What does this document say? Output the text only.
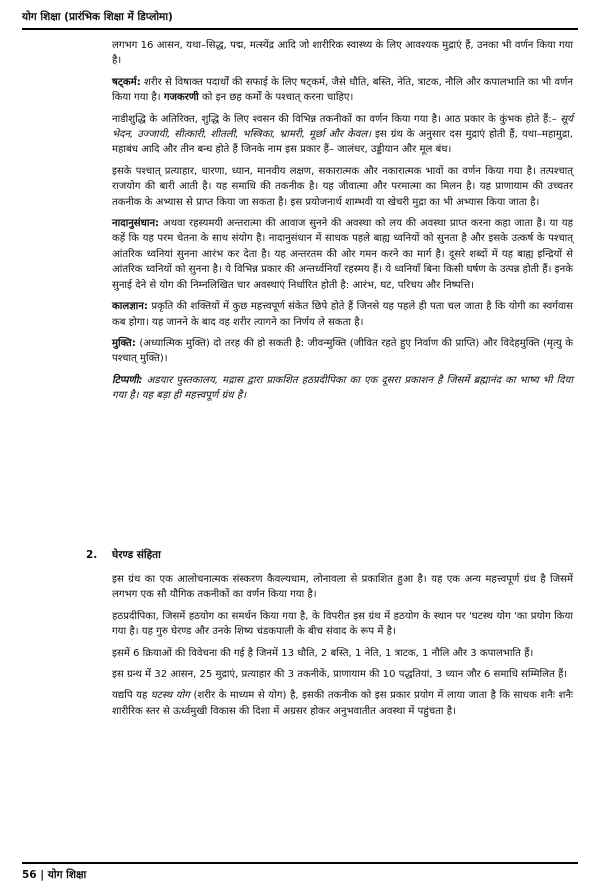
योग शिक्षा (प्रारंभिक शिक्षा में डिप्लोमा)

लगभग 16 आसन, यथा–सिद्ध, पद्म, मत्स्येंद्र आदि जो शारीरिक स्वास्थ्य के लिए आवश्यक मुद्राएं हैं, उनका भी वर्णन किया गया है।

षट्कर्म: शरीर से विषाक्त पदार्थों की सफाई के लिए षट्कर्म, जैसे धौति, बस्ति, नेति, त्राटक, नौलि और कपालभाति का भी वर्णन किया गया है। गजकरणी को इन छह कर्मों के पश्चात् करना चाहिए।

नाडीशुद्धि के अतिरिक्त, शुद्धि के लिए श्वसन की विभिन्न तकनीकों का वर्णन किया गया है। आठ प्रकार के कुंभक होते हैं:– सूर्य भेदन, उज्जायी, सीत्कारी, शीतली, भस्त्रिका, भ्रामरी, मूर्छा और केवल। इस ग्रंथ के अनुसार दस मुद्राएं होती हैं, यथा–महामुद्रा, महाबंध आदि और तीन बन्ध होते हैं जिनके नाम इस प्रकार हैं– जालंधर, उड्डीयान और मूल बंध।

इसके पश्चात् प्रत्याहार, धारणा, ध्यान, मानवीय लक्षण, सकारात्मक और नकारात्मक भावों का वर्णन किया गया है। तत्पश्चात् राजयोग की बारी आती है। यह समाधि की तकनीक है। यह जीवात्मा और परमात्मा का मिलन है। यह प्राणायाम की उच्चतर तकनीक के अभ्यास से प्राप्त किया जा सकता है। इस प्रयोजनार्थ शाम्भवी या खेचरी मुद्रा का भी अभ्यास किया जाता है।

नादानुसंधान: अथवा रहस्यमयी अन्तरात्मा की आवाज सुनने की अवस्था को लय की अवस्था प्राप्त करना कहा जाता है। या यह कहें कि यह परम चेतना के साथ संयोग है। नादानुसंधान में साधक पहले बाह्य ध्वनियों को सुनता है और इसके उत्कर्ष के पश्चात् आंतरिक ध्वनियां सुनना आरंभ कर देता है। यह अन्तरतम की ओर गमन करने का मार्ग है। दूसरे शब्दों में यह बाह्य इन्द्रियों से आंतरिक ध्वनियों को सुनना है। ये विभिन्न प्रकार की अन्तर्ध्वनियाँ रहस्मय हैं। ये ध्वनियाँ बिना किसी घर्षण के उत्पन्न होती हैं। इनके सुनाई देने से योग की निम्नलिखित चार अवस्थाएं निर्धारित होती है: आरंभ, घट, परिचय और निष्पत्ति।

कालज्ञान: प्रकृति की शक्तियों में कुछ महत्त्वपूर्ण संकेत छिपे होते हैं जिनसे यह पहले ही पता चल जाता है कि योगी का स्वर्गवास कब होगा। यह जानने के बाद वह शरीर त्यागने का निर्णय ले सकता है।

मुक्ति: (अध्यात्मिक मुक्ति) दो तरह की हो सकती है: जीवन्मुक्ति (जीवित रहते हुए निर्वाण की प्राप्ति) और विदेहमुक्ति (मृत्यु के पश्चात् मुक्ति)।

टिप्पणी: अडयार पुस्तकालय, मद्रास द्वारा प्राकशित हठप्रदीपिका का एक दूसरा प्रकाशन है जिसमें ब्रह्मानंद का भाष्य भी दिया गया है। यह बड़ा ही महत्त्वपूर्ण ग्रंथ है।

2. घेरण्ड संहिता

इस ग्रंथ का एक आलोचनात्मक संस्करण कैवल्यधाम, लोनावला से प्रकाशित हुआ है। यह एक अन्य महत्त्वपूर्ण ग्रंथ है जिसमें लगभग एक सौ यौगिक तकनीकों का वर्णन किया गया है।

हठप्रदीपिका, जिसमें हठयोग का समर्थन किया गया है, के विपरीत इस ग्रंथ में हठयोग के स्थान पर 'घटस्थ योग 'का प्रयोग किया गया है। यह गुरु घेरण्ड और उनके शिष्य चंडकपाली के बीच संवाद के रूप में है।

इसमें 6 क्रियाओं की विवेचना की गई है जिनमें 13 धौति, 2 बस्ति, 1 नेति, 1 त्राटक, 1 नौलि और 3 कपालभाति हैं।

इस ग्रन्थ में 32 आसन, 25 मुद्राएं, प्रत्याहार की 3 तकनीकें, प्राणायाम की 10 पद्धतियां, 3 ध्यान जौर 6 समाधि सम्मिलित हैं।

यद्यपि यह घटस्थ योग (शरीर के माध्यम से योग) है, इसकी तकनीक को इस प्रकार प्रयोग में लाया जाता है कि साधक शनैः शनैः शारीरिक स्तर से ऊर्ध्वमुखी विकास की दिशा में अग्रसर होकर अनुभवातीत अवस्था में पहुंचता है।

56 | योग शिक्षा
